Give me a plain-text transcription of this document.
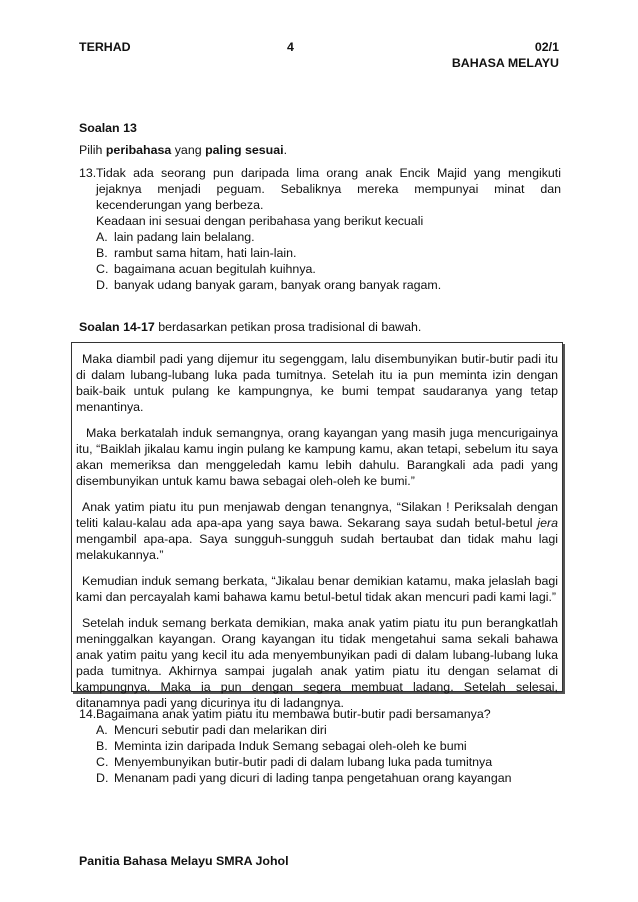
TERHAD	4	02/1
BAHASA MELAYU
Soalan 13
Pilih peribahasa yang paling sesuai.
13. Tidak ada seorang pun daripada lima orang anak Encik Majid yang mengikuti jejaknya menjadi peguam. Sebaliknya mereka mempunyai minat dan kecenderungan yang berbeza.
Keadaan ini sesuai dengan peribahasa yang berikut kecuali
A. lain padang lain belalang.
B. rambut sama hitam, hati lain-lain.
C. bagaimana acuan begitulah kuihnya.
D. banyak udang banyak garam, banyak orang banyak ragam.
Soalan 14-17 berdasarkan petikan prosa tradisional di bawah.

Maka diambil padi yang dijemur itu segenggam, lalu disembunyikan butir-butir padi itu di dalam lubang-lubang luka pada tumitnya. Setelah itu ia pun meminta izin dengan baik-baik untuk pulang ke kampungnya, ke bumi tempat saudaranya yang tetap menantinya.

Maka berkatalah induk semangnya, orang kayangan yang masih juga mencurigainya itu, “Baiklah jikalau kamu ingin pulang ke kampung kamu, akan tetapi, sebelum itu saya akan memeriksa dan menggeledah kamu lebih dahulu. Barangkali ada padi yang disembunyikan untuk kamu bawa sebagai oleh-oleh ke bumi.”

Anak yatim piatu itu pun menjawab dengan tenangnya, “Silakan ! Periksalah dengan teliti kalau-kalau ada apa-apa yang saya bawa. Sekarang saya sudah betul-betul jera mengambil apa-apa. Saya sungguh-sungguh sudah bertaubat dan tidak mahu lagi melakukannya.”

Kemudian induk semang berkata, “Jikalau benar demikian katamu, maka jelaslah bagi kami dan percayalah kami bahawa kamu betul-betul tidak akan mencuri padi kami lagi.”

Setelah induk semang berkata demikian, maka anak yatim piatu itu pun berangkatlah meninggalkan kayangan. Orang kayangan itu tidak mengetahui sama sekali bahawa anak yatim paitu yang kecil itu ada menyembunyikan padi di dalam lubang-lubang luka pada tumitnya. Akhirnya sampai jugalah anak yatim piatu itu dengan selamat di kampungnya. Maka ia pun dengan segera membuat ladang. Setelah selesai, ditanamnya padi yang dicurinya itu di ladangnya.

14. Bagaimana anak yatim piatu itu membawa butir-butir padi bersamanya?
A. Mencuri sebutir padi dan melarikan diri
B. Meminta izin daripada Induk Semang sebagai oleh-oleh ke bumi
C. Menyembunyikan butir-butir padi di dalam lubang luka pada tumitnya
D. Menanam padi yang dicuri di lading tanpa pengetahuan orang kayangan
Panitia Bahasa Melayu SMRA Johol
